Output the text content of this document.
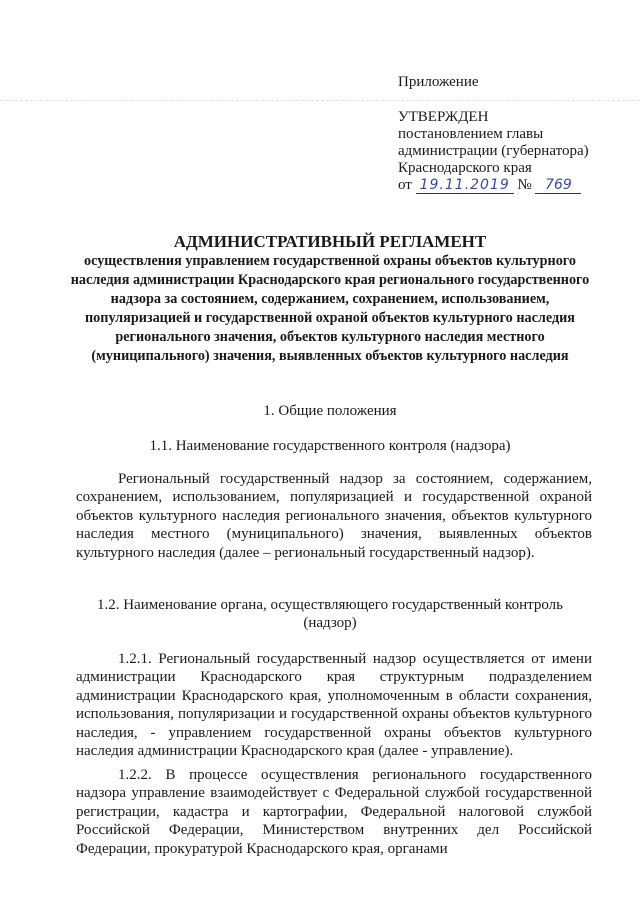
Приложение
УТВЕРЖДЕН
постановлением главы
администрации (губернатора)
Краснодарского края
от 19.11.2019 № 769
АДМИНИСТРАТИВНЫЙ РЕГЛАМЕНТ
осуществления управлением государственной охраны объектов культурного наследия администрации Краснодарского края регионального государственного надзора за состоянием, содержанием, сохранением, использованием, популяризацией и государственной охраной объектов культурного наследия регионального значения, объектов культурного наследия местного (муниципального) значения, выявленных объектов культурного наследия
1. Общие положения
1.1. Наименование государственного контроля (надзора)
Региональный государственный надзор за состоянием, содержанием, сохранением, использованием, популяризацией и государственной охраной объектов культурного наследия регионального значения, объектов культурного наследия местного (муниципального) значения, выявленных объектов культурного наследия (далее – региональный государственный надзор).
1.2. Наименование органа, осуществляющего государственный контроль
(надзор)
1.2.1. Региональный государственный надзор осуществляется от имени администрации Краснодарского края структурным подразделением администрации Краснодарского края, уполномоченным в области сохранения, использования, популяризации и государственной охраны объектов культурного наследия, - управлением государственной охраны объектов культурного наследия администрации Краснодарского края (далее - управление).
1.2.2. В процессе осуществления регионального государственного надзора управление взаимодействует с Федеральной службой государственной регистрации, кадастра и картографии, Федеральной налоговой службой Российской Федерации, Министерством внутренних дел Российской Федерации, прокуратурой Краснодарского края, органами
